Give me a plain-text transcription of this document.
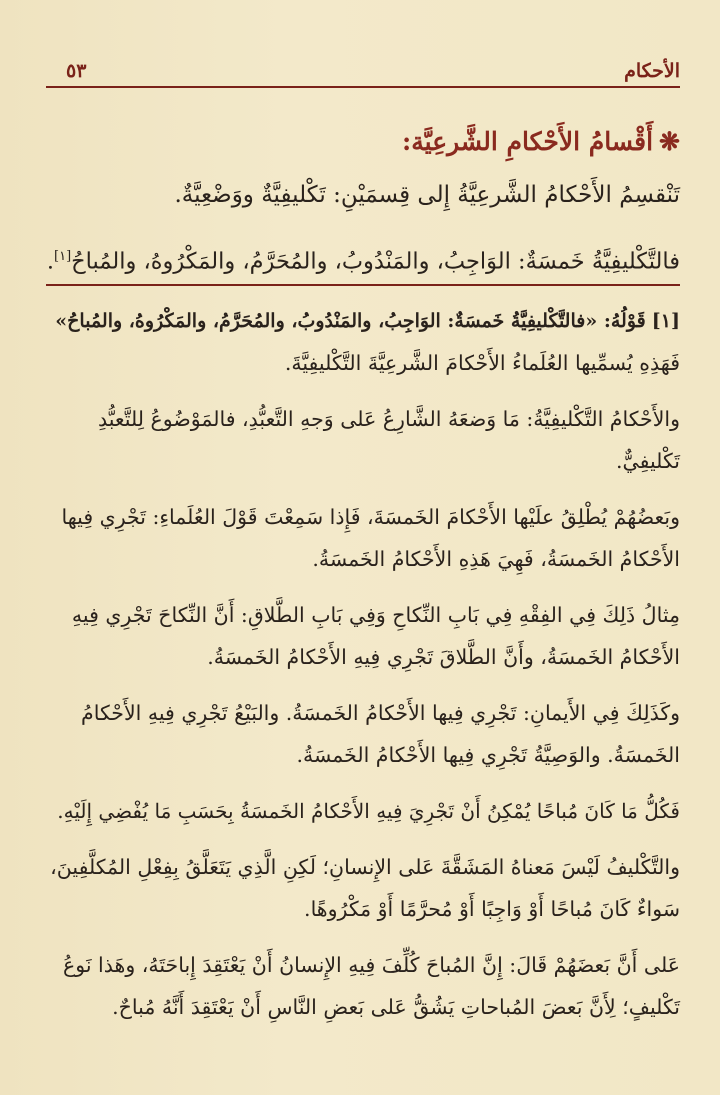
الأحكام
٥٣
❋أَقْسامُ الأَحْكامِ الشَّرعِيَّة:

تَنْقسِمُ الأَحْكامُ الشَّرعِيَّةُ إِلى قِسمَيْنِ: تَكْليفِيَّةٌ ووَضْعِيَّةٌ.

فالتَّكْليفِيَّةُ خَمسَةٌ: الوَاجِبُ، والمَنْدُوبُ، والمُحَرَّمُ، والمَكْرُوهُ، والمُباحُ[١].

[١] قَوْلُهُ: «فالتَّكْليفِيَّةُ خَمسَةٌ: الوَاجِبُ، والمَنْدُوبُ، والمُحَرَّمُ، والمَكْرُوهُ، والمُباحُ»
فَهَذِهِ يُسمِّيها العُلَماءُ الأَحْكامَ الشَّرعِيَّةَ التَّكْليفِيَّةَ.
والأَحْكامُ التَّكْليفِيَّةُ: مَا وَضعَهُ الشَّارِعُ عَلى وَجهِ التَّعبُّدِ، فالمَوْضُوعُ لِلتَّعبُّدِ
تَكْليفِيٌّ.
وبَعضُهُمْ يُطْلِقُ علَيْها الأَحْكامَ الخَمسَةَ، فَإِذا سَمِعْتَ قَوْلَ العُلَماءِ: تَجْرِي فِيها
الأَحْكامُ الخَمسَةُ، فَهِيَ هَذِهِ الأَحْكامُ الخَمسَةُ.
مِثالُ ذَلِكَ فِي الفِقْهِ فِي بَابِ النِّكاحِ وَفِي بَابِ الطَّلاقِ: أَنَّ النِّكاحَ تَجْرِي فِيهِ
الأَحْكامُ الخَمسَةُ، وأَنَّ الطَّلاقَ تَجْرِي فِيهِ الأَحْكامُ الخَمسَةُ.
وكَذَلِكَ فِي الأَيمانِ: تَجْرِي فِيها الأَحْكامُ الخَمسَةُ. والبَيْعُ تَجْرِي فِيهِ الأَحْكامُ
الخَمسَةُ. والوَصِيَّةُ تَجْرِي فِيها الأَحْكامُ الخَمسَةُ.
فَكُلُّ مَا كَانَ مُباحًا يُمْكِنُ أَنْ تَجْرِيَ فِيهِ الأَحْكامُ الخَمسَةُ بِحَسَبِ مَا يُفْضِي إِلَيْهِ.
والتَّكْليفُ لَيْسَ مَعناهُ المَشَقَّةَ عَلى الإِنسانِ؛ لَكِنِ الَّذِي يَتَعَلَّقُ بِفِعْلِ المُكلَّفِينَ،
سَواءٌ كَانَ مُباحًا أَوْ وَاجِبًا أَوْ مُحرَّمًا أَوْ مَكْرُوهًا.
عَلى أَنَّ بَعضَهُمْ قَالَ: إِنَّ المُباحَ كُلِّفَ فِيهِ الإِنسانُ أَنْ يَعْتَقِدَ إِباحَتَهُ، وهَذا نَوعُ
تَكْليفٍ؛ لِأَنَّ بَعضَ المُباحاتِ يَشُقُّ عَلى بَعضِ النَّاسِ أَنْ يَعْتَقِدَ أَنَّهُ مُباحٌ.
